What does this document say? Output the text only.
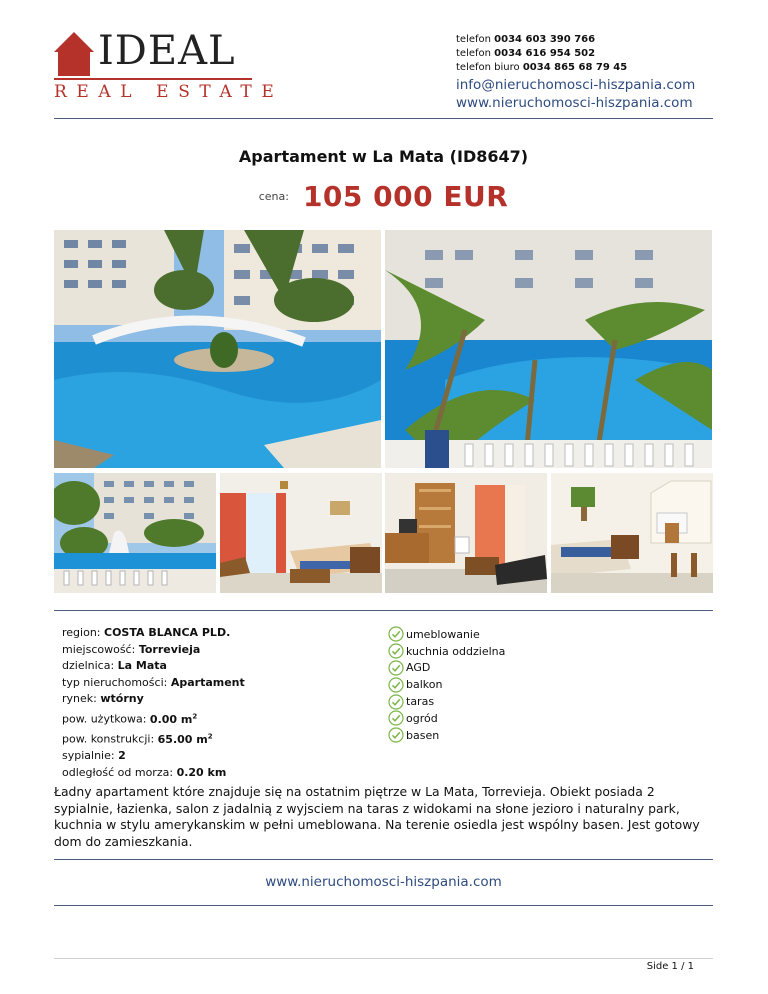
IDEAL
REAL ESTATE
telefon 0034 603 390 766
telefon 0034 616 954 502
telefon biuro 0034 865 68 79 45
info@nieruchomosci-hiszpania.com
www.nieruchomosci-hiszpania.com
Apartament w La Mata (ID8647)
cena: 105 000 EUR
region: COSTA BLANCA PLD.
miejscowość: Torrevieja
dzielnica: La Mata
typ nieruchomości: Apartament
rynek: wtórny
pow. użytkowa: 0.00 $m^2$
pow. konstrukcji: 65.00 $m^2$
sypialnie: 2
odległość od morza: 0.20 km
umeblowanie
kuchnia oddzielna
AGD
balkon
taras
ogród
basen
Ładny apartament które znajduje się na ostatnim piętrze w La Mata, Torrevieja. Obiekt posiada 2 sypialnie, łazienka, salon z jadalnią z wyjsciem na taras z widokami na słone jezioro i naturalny park, kuchnia w stylu amerykanskim w pełni umeblowana. Na terenie osiedla jest wspólny basen. Jest gotowy dom do zamieszkania.
www.nieruchomosci-hiszpania.com
Side 1 / 1
